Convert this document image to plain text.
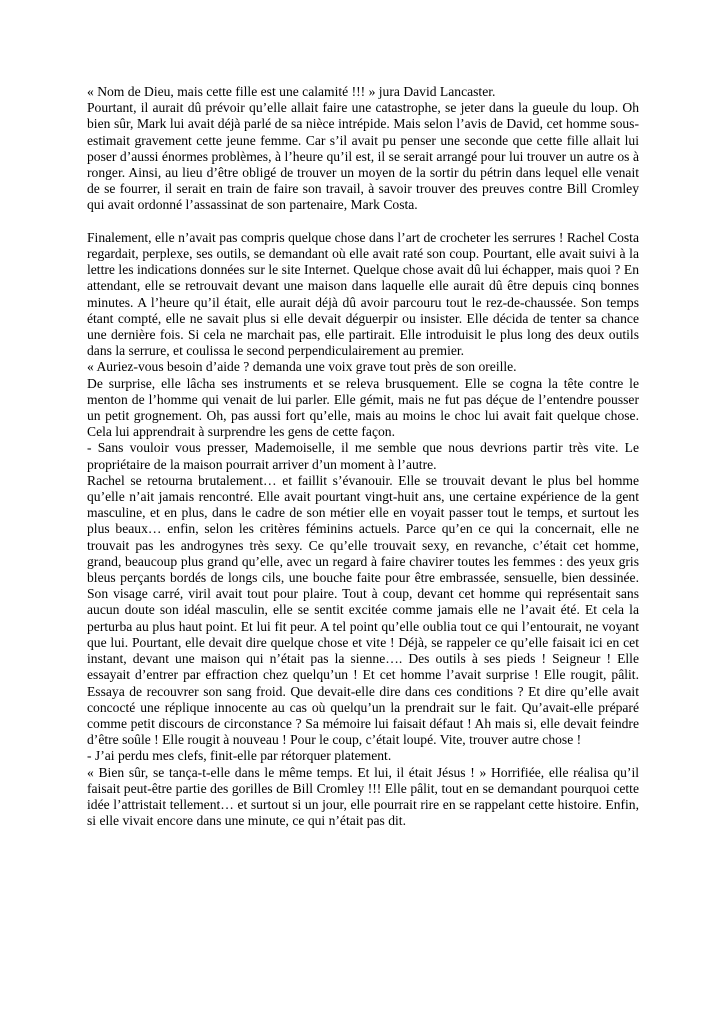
« Nom de Dieu, mais cette fille est une calamité !!! » jura David Lancaster.

Pourtant, il aurait dû prévoir qu’elle allait faire une catastrophe, se jeter dans la gueule du loup. Oh bien sûr, Mark lui avait déjà parlé de sa nièce intrépide. Mais selon l’avis de David, cet homme sous-estimait gravement cette jeune femme. Car s’il avait pu penser une seconde que cette fille allait lui poser d’aussi énormes problèmes, à l’heure qu’il est, il se serait arrangé pour lui trouver un autre os à ronger. Ainsi, au lieu d’être obligé de trouver un moyen de la sortir du pétrin dans lequel elle venait de se fourrer, il serait en train de faire son travail, à savoir trouver des preuves contre Bill Cromley qui avait ordonné l’assassinat de son partenaire, Mark Costa.

Finalement, elle n’avait pas compris quelque chose dans l’art de crocheter les serrures ! Rachel Costa regardait, perplexe, ses outils, se demandant où elle avait raté son coup. Pourtant, elle avait suivi à la lettre les indications données sur le site Internet. Quelque chose avait dû lui échapper, mais quoi ? En attendant, elle se retrouvait devant une maison dans laquelle elle aurait dû être depuis cinq bonnes minutes. A l’heure qu’il était, elle aurait déjà dû avoir parcouru tout le rez-de-chaussée. Son temps étant compté, elle ne savait plus si elle devait déguerpir ou insister. Elle décida de tenter sa chance une dernière fois. Si cela ne marchait pas, elle partirait. Elle introduisit le plus long des deux outils dans la serrure, et coulissa le second perpendiculairement au premier.

« Auriez-vous besoin d’aide ? demanda une voix grave tout près de son oreille.

De surprise, elle lâcha ses instruments et se releva brusquement. Elle se cogna la tête contre le menton de l’homme qui venait de lui parler. Elle gémit, mais ne fut pas déçue de l’entendre pousser un petit grognement. Oh, pas aussi fort qu’elle, mais au moins le choc lui avait fait quelque chose. Cela lui apprendrait à surprendre les gens de cette façon.

- Sans vouloir vous presser, Mademoiselle, il me semble que nous devrions partir très vite. Le propriétaire de la maison pourrait arriver d’un moment à l’autre.

Rachel se retourna brutalement… et faillit s’évanouir. Elle se trouvait devant le plus bel homme qu’elle n’ait jamais rencontré. Elle avait pourtant vingt-huit ans, une certaine expérience de la gent masculine, et en plus, dans le cadre de son métier elle en voyait passer tout le temps, et surtout les plus beaux… enfin, selon les critères féminins actuels. Parce qu’en ce qui la concernait, elle ne trouvait pas les androgynes très sexy. Ce qu’elle trouvait sexy, en revanche, c’était cet homme, grand, beaucoup plus grand qu’elle, avec un regard à faire chavirer toutes les femmes : des yeux gris bleus perçants bordés de longs cils, une bouche faite pour être embrassée, sensuelle, bien dessinée. Son visage carré, viril avait tout pour plaire. Tout à coup, devant cet homme qui représentait sans aucun doute son idéal masculin, elle se sentit excitée comme jamais elle ne l’avait été. Et cela la perturba au plus haut point. Et lui fit peur. A tel point qu’elle oublia tout ce qui l’entourait, ne voyant que lui. Pourtant, elle devait dire quelque chose et vite ! Déjà, se rappeler ce qu’elle faisait ici en cet instant, devant une maison qui n’était pas la sienne…. Des outils à ses pieds ! Seigneur ! Elle essayait d’entrer par effraction chez quelqu’un ! Et cet homme l’avait surprise ! Elle rougit, pâlit. Essaya de recouvrer son sang froid. Que devait-elle dire dans ces conditions ? Et dire qu’elle avait concocté une réplique innocente au cas où quelqu’un la prendrait sur le fait. Qu’avait-elle préparé comme petit discours de circonstance ? Sa mémoire lui faisait défaut ! Ah mais si, elle devait feindre d’être soûle ! Elle rougit à nouveau ! Pour le coup, c’était loupé. Vite, trouver autre chose !

- J’ai perdu mes clefs, finit-elle par rétorquer platement.

« Bien sûr, se tança-t-elle dans le même temps. Et lui, il était Jésus ! » Horrifiée, elle réalisa qu’il faisait peut-être partie des gorilles de Bill Cromley !!! Elle pâlit, tout en se demandant pourquoi cette idée l’attristait tellement… et surtout si un jour, elle pourrait rire en se rappelant cette histoire. Enfin, si elle vivait encore dans une minute, ce qui n’était pas dit.
